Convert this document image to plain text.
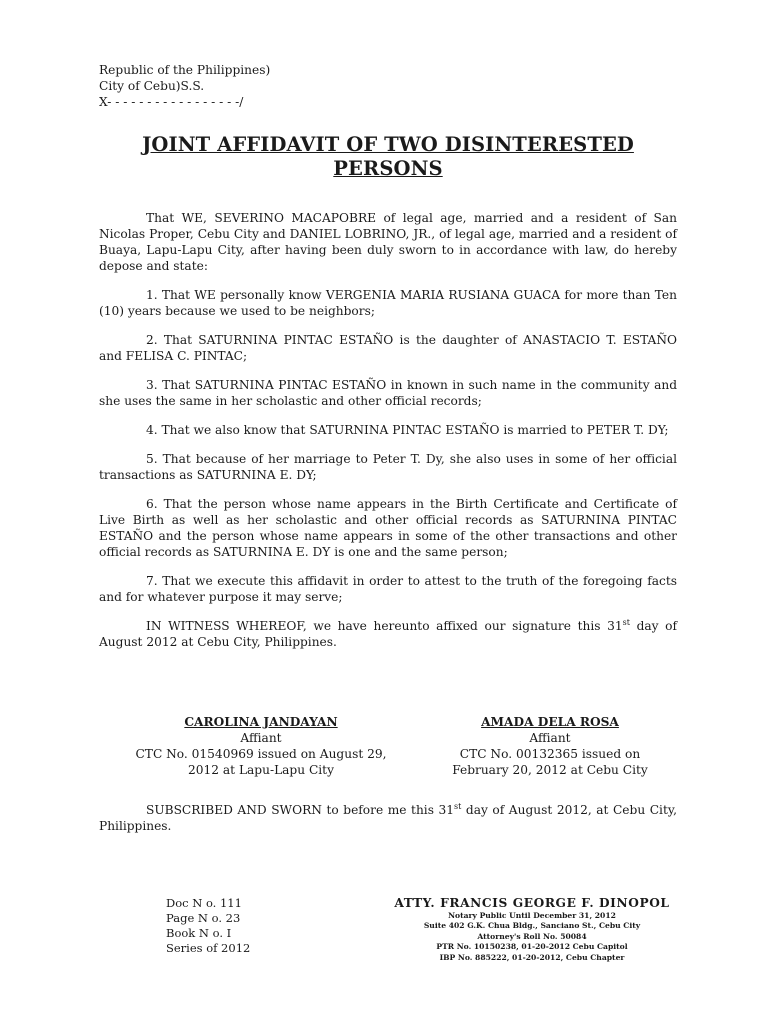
Republic of the Philippines)
City of Cebu)S.S.
X- - - - - - - - - - - - - - - - -/
JOINT AFFIDAVIT OF TWO DISINTERESTED
PERSONS

That WE, SEVERINO MACAPOBRE of legal age, married and a resident of San Nicolas Proper, Cebu City and DANIEL LOBRINO, JR., of legal age, married and a resident of Buaya, Lapu-Lapu City, after having been duly sworn to in accordance with law, do hereby depose and state:

1. That WE personally know VERGENIA MARIA RUSIANA GUACA for more than Ten (10) years because we used to be neighbors;

2. That SATURNINA PINTAC ESTAÑO is the daughter of ANASTACIO T. ESTAÑO and FELISA C. PINTAC;

3. That SATURNINA PINTAC ESTAÑO in known in such name in the community and she uses the same in her scholastic and other official records;

4. That we also know that SATURNINA PINTAC ESTAÑO is married to PETER T. DY;

5. That because of her marriage to Peter T. Dy, she also uses in some of her official transactions as SATURNINA E. DY;

6. That the person whose name appears in the Birth Certificate and Certificate of Live Birth as well as her scholastic and other official records as SATURNINA PINTAC ESTAÑO and the person whose name appears in some of the other transactions and other official records as SATURNINA E. DY is one and the same person;

7. That we execute this affidavit in order to attest to the truth of the foregoing facts and for whatever purpose it may serve;

IN WITNESS WHEREOF, we have hereunto affixed our signature this 31st day of August 2012 at Cebu City, Philippines.

CAROLINA JANDAYAN
Affiant
CTC No. 01540969 issued on August 29,
2012 at Lapu-Lapu City
AMADA DELA ROSA
Affiant
CTC No. 00132365 issued on
February 20, 2012 at Cebu City

SUBSCRIBED AND SWORN to before me this 31st day of August 2012, at Cebu City, Philippines.

Doc N o. 111
Page N o. 23
Book N o. I
Series of 2012
ATTY. FRANCIS GEORGE F. DINOPOL
Notary Public Until December 31, 2012
Suite 402 G.K. Chua Bldg., Sanciano St., Cebu City
Attorney's Roll No. 50084
PTR No. 10150238, 01-20-2012 Cebu Capitol
IBP No. 885222, 01-20-2012, Cebu Chapter
